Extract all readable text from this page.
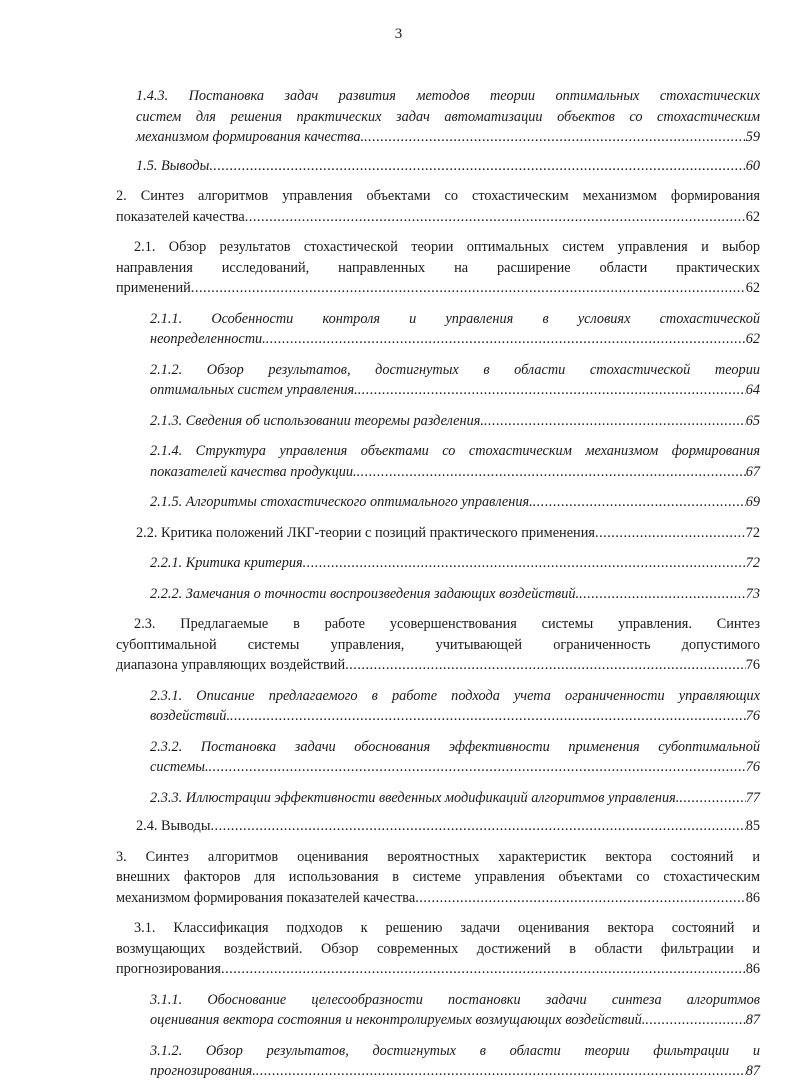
3
1.4.3. Постановка задач развития методов теории оптимальных стохастических
систем для решения практических задач автоматизации объектов со стохастическим
механизмом формирования качества. .....	59
1.5. Выводы .....	60
2. Синтез алгоритмов управления объектами со стохастическим механизмом формирования
показателей качества .....	62
2.1. Обзор результатов стохастической теории оптимальных систем управления и выбор
направления исследований, направленных на расширение области практических
применений .....	62
2.1.1. Особенности контроля и управления в условиях стохастической
неопределенности. .....	62
2.1.2. Обзор результатов, достигнутых в области стохастической теории
оптимальных систем управления. .....	64
2.1.3. Сведения об использовании теоремы разделения. .....	65
2.1.4. Структура управления объектами со стохастическим механизмом формирования
показателей качества продукции. .....	67
2.1.5. Алгоритмы стохастического оптимального управления. .....	69
2.2. Критика положений ЛКГ-теории с позиций практического применения .....	72
2.2.1. Критика критерия .....	72
2.2.2. Замечания о точности воспроизведения задающих воздействий. .....	73
2.3. Предлагаемые в работе усовершенствования системы управления. Синтез
субоптимальной системы управления, учитывающей ограниченность допустимого
диапазона управляющих воздействий .....	76
2.3.1. Описание предлагаемого в работе подхода учета ограниченности управляющих
воздействий. .....	76
2.3.2. Постановка задачи обоснования эффективности применения субоптимальной
системы. .....	76
2.3.3. Иллюстрации эффективности введенных модификаций алгоритмов управления. .....	77
2.4. Выводы .....	85
3. Синтез алгоритмов оценивания вероятностных характеристик вектора состояний и
внешних факторов для использования в системе управления объектами со стохастическим
механизмом формирования показателей качества .....	86
3.1. Классификация подходов к решению задачи оценивания вектора состояний и
возмущающих воздействий. Обзор современных достижений в области фильтрации и
прогнозирования .....	86
3.1.1. Обоснование целесообразности постановки задачи синтеза алгоритмов
оценивания вектора состояния и неконтролируемых возмущающих воздействий. .....	87
3.1.2. Обзор результатов, достигнутых в области теории фильтрации и
прогнозирования. .....	87
